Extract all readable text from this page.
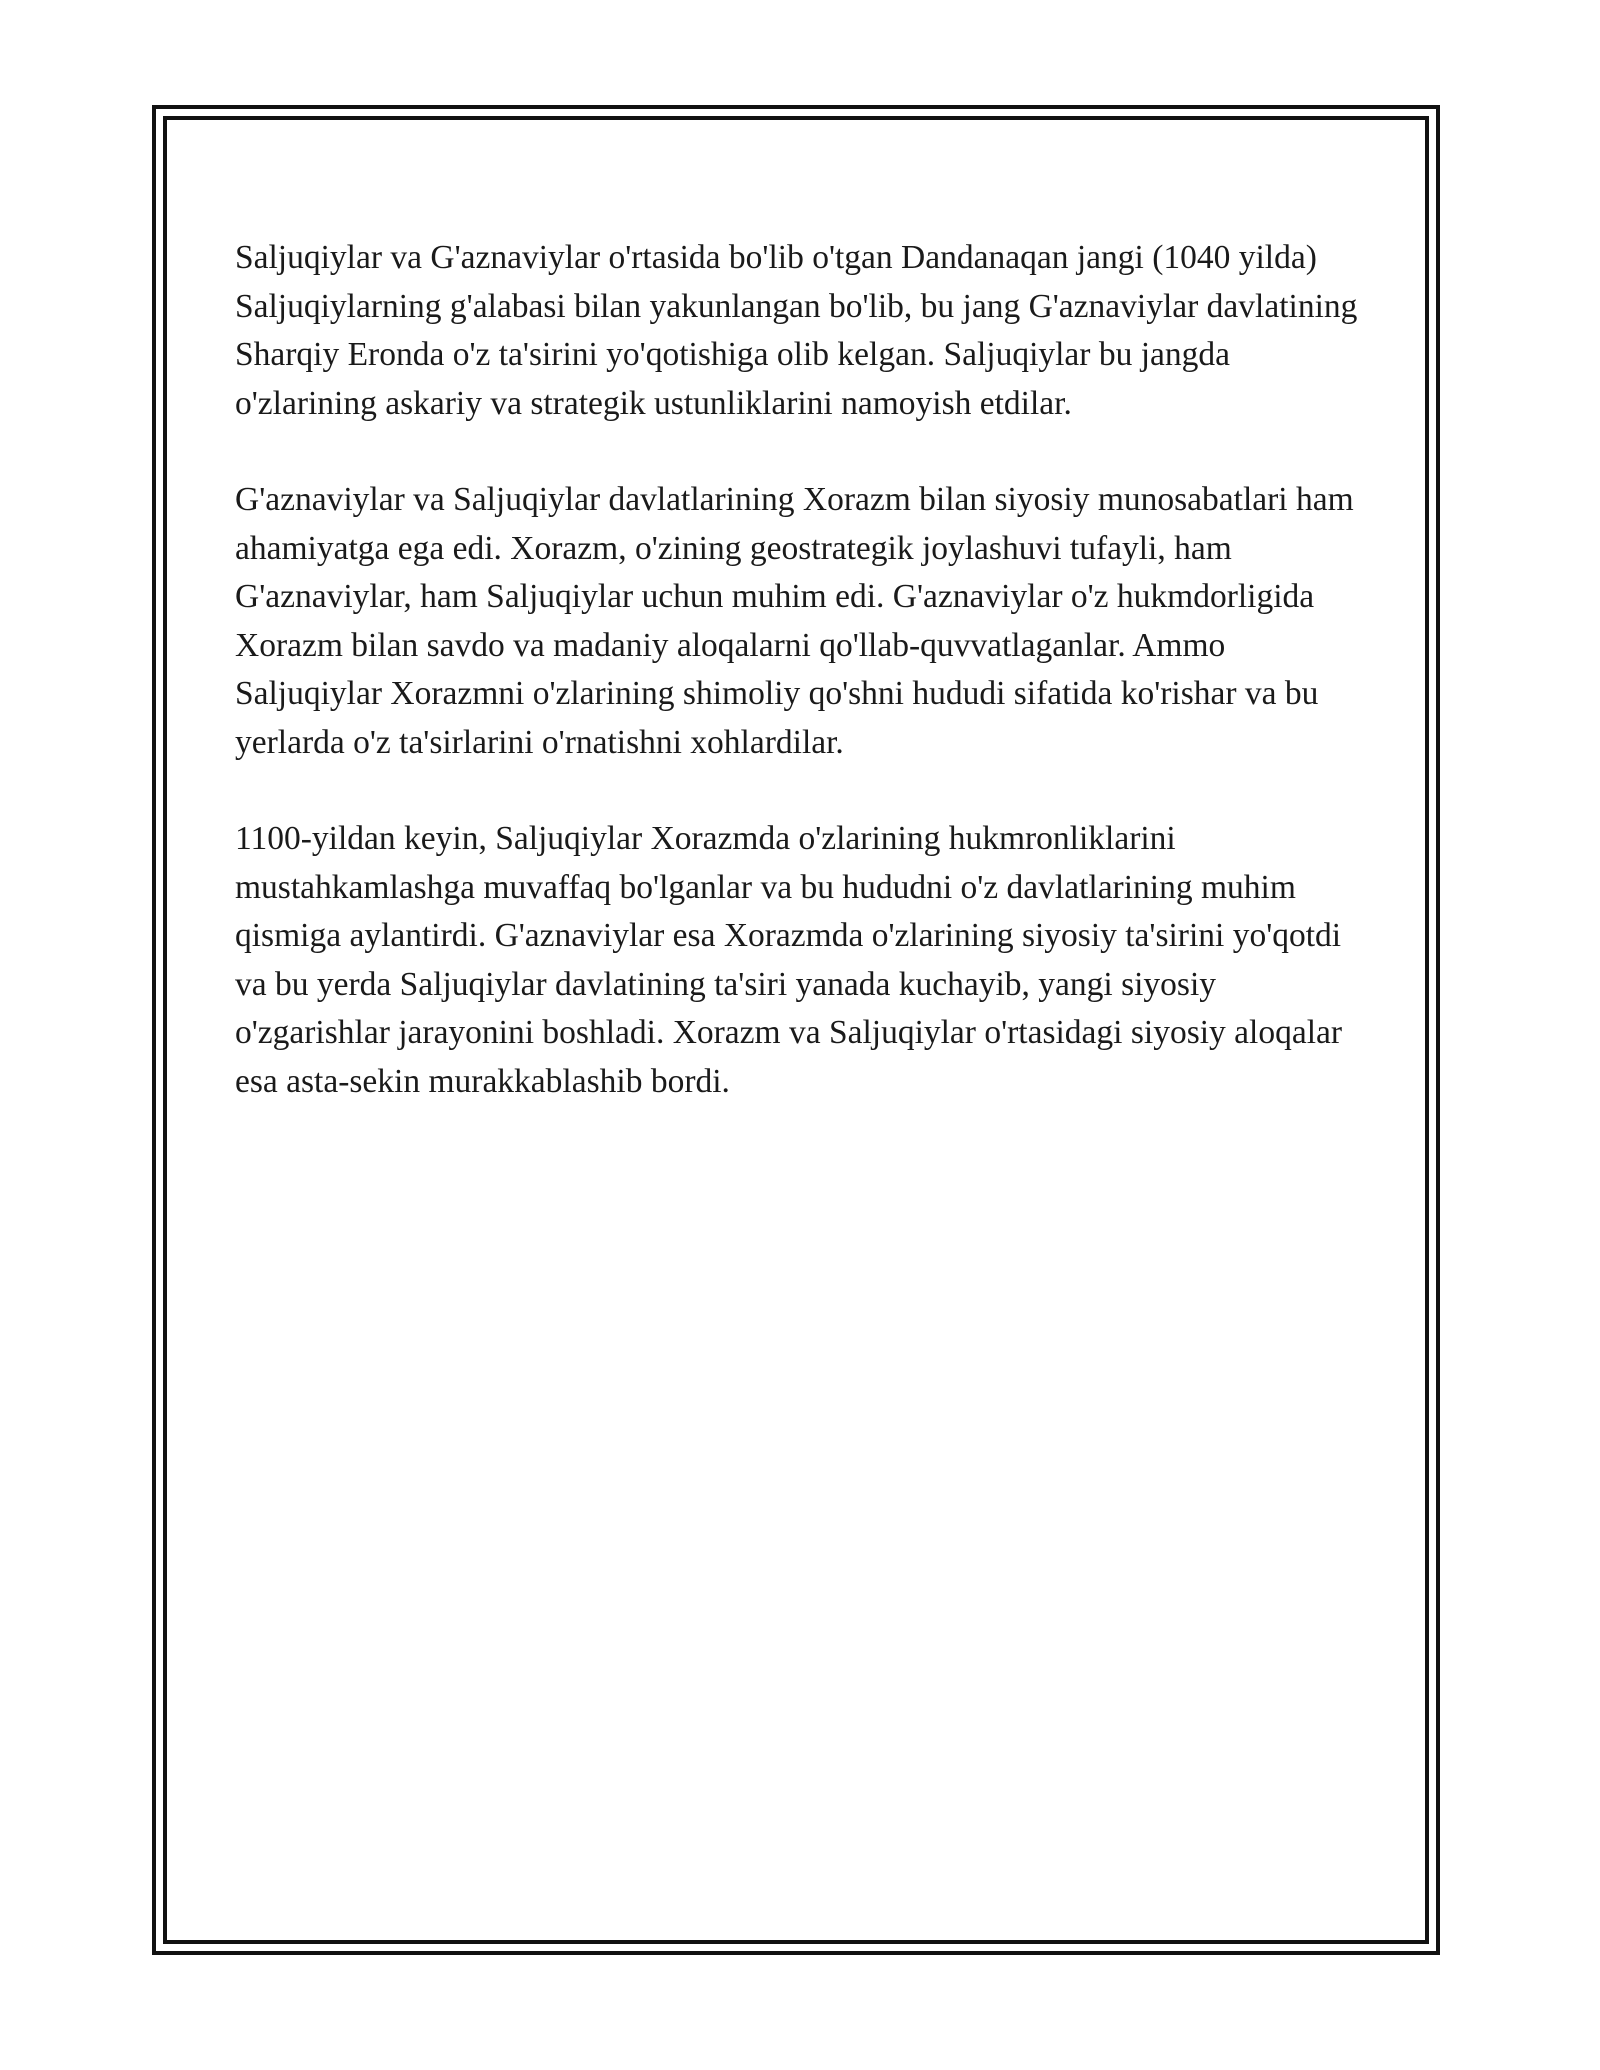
Saljuqiylar va G'aznaviylar o'rtasida bo'lib o'tgan Dandanaqan jangi (1040 yilda) Saljuqiylarning g'alabasi bilan yakunlangan bo'lib, bu jang G'aznaviylar davlatining Sharqiy Eronda o'z ta'sirini yo'qotishiga olib kelgan. Saljuqiylar bu jangda o'zlarining askariy va strategik ustunliklarini namoyish etdilar.

G'aznaviylar va Saljuqiylar davlatlarining Xorazm bilan siyosiy munosabatlari ham ahamiyatga ega edi. Xorazm, o'zining geostrategik joylashuvi tufayli, ham G'aznaviylar, ham Saljuqiylar uchun muhim edi. G'aznaviylar o'z hukmdorligida Xorazm bilan savdo va madaniy aloqalarni qo'llab-quvvatlaganlar. Ammo Saljuqiylar Xorazmni o'zlarining shimoliy qo'shni hududi sifatida ko'rishar va bu yerlarda o'z ta'sirlarini o'rnatishni xohlardilar.

1100-yildan keyin, Saljuqiylar Xorazmda o'zlarining hukmronliklarini mustahkamlashga muvaffaq bo'lganlar va bu hududni o'z davlatlarining muhim qismiga aylantirdi. G'aznaviylar esa Xorazmda o'zlarining siyosiy ta'sirini yo'qotdi va bu yerda Saljuqiylar davlatining ta'siri yanada kuchayib, yangi siyosiy o'zgarishlar jarayonini boshladi. Xorazm va Saljuqiylar o'rtasidagi siyosiy aloqalar esa asta-sekin murakkablashib bordi.
